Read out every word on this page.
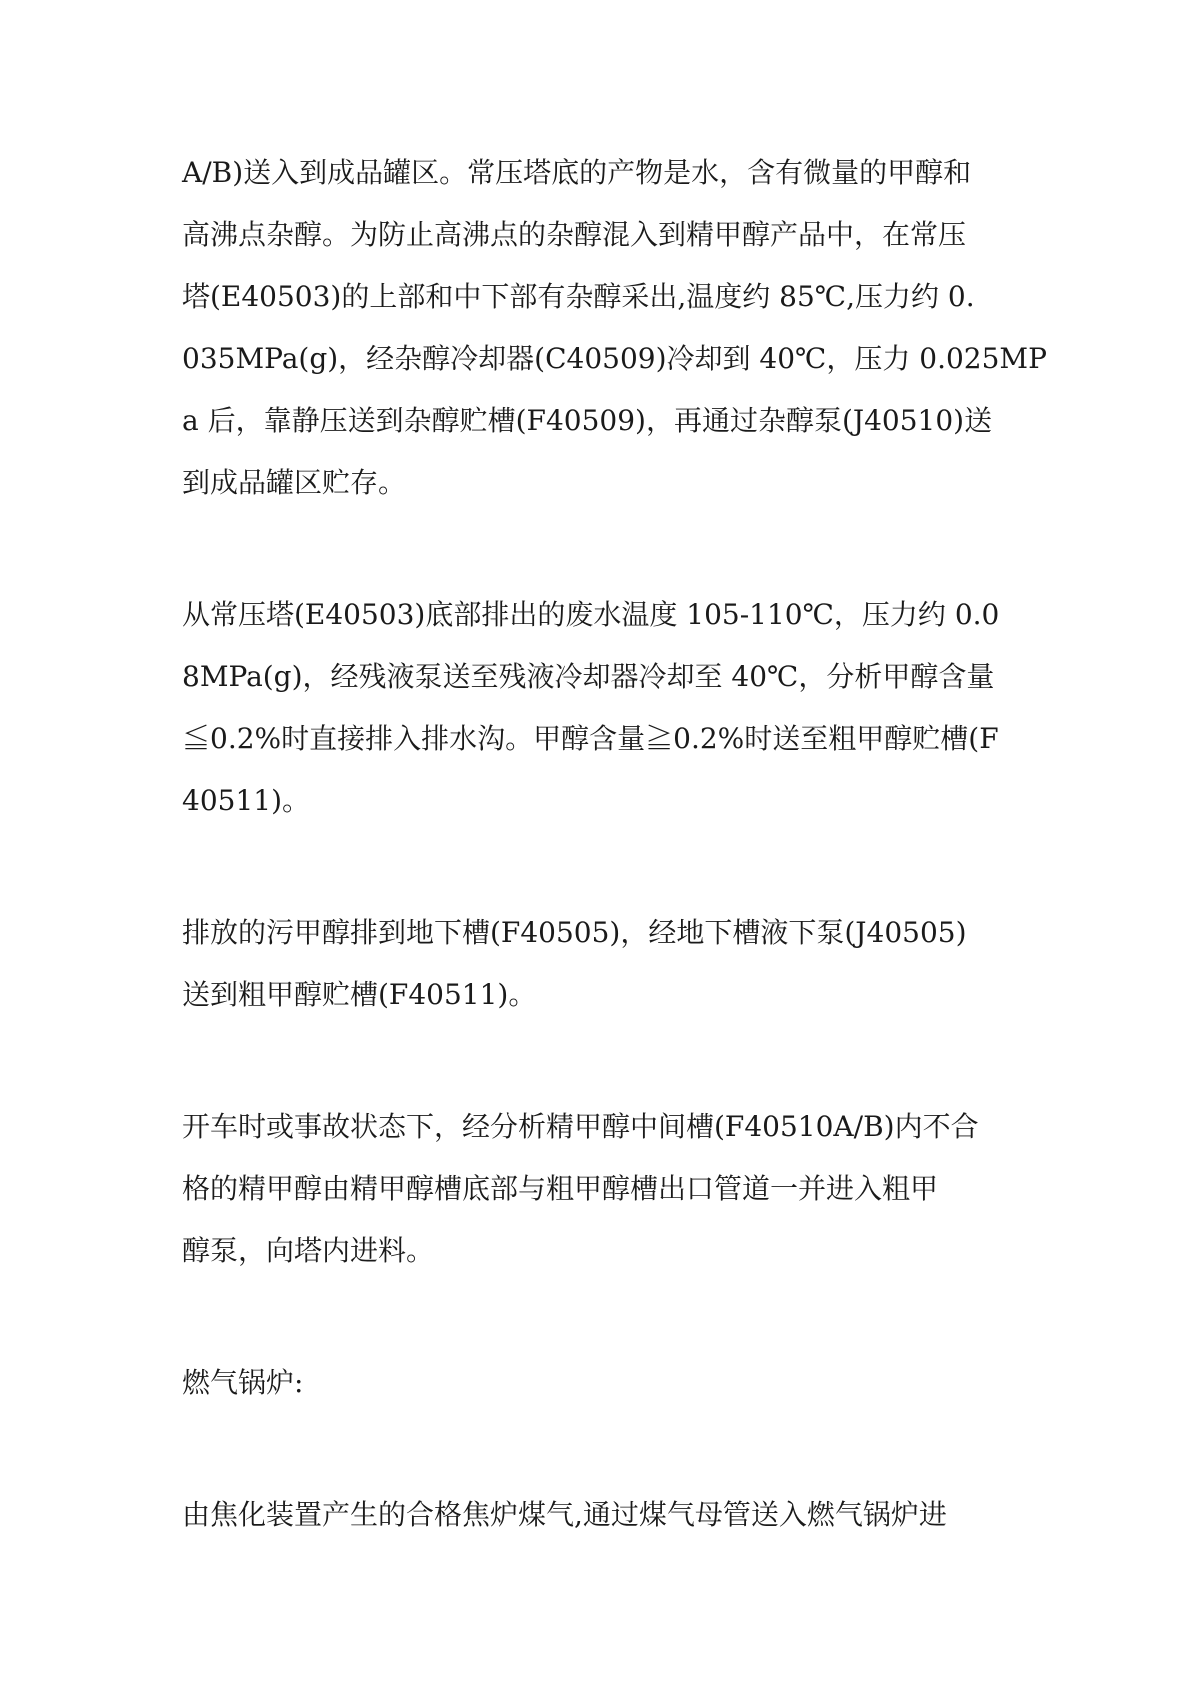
A/B)送入到成品罐区。常压塔底的产物是水，含有微量的甲醇和

高沸点杂醇。为防止高沸点的杂醇混入到精甲醇产品中，在常压

塔(E40503)的上部和中下部有杂醇采出,温度约 85℃,压力约 0.

035MPa(g)，经杂醇冷却器(C40509)冷却到 40℃，压力 0.025MP

a 后，靠静压送到杂醇贮槽(F40509)，再通过杂醇泵(J40510)送

到成品罐区贮存。

从常压塔(E40503)底部排出的废水温度 105-110℃，压力约 0.0

8MPa(g)，经残液泵送至残液冷却器冷却至 40℃，分析甲醇含量

≦0.2%时直接排入排水沟。甲醇含量≧0.2%时送至粗甲醇贮槽(F

40511)。

排放的污甲醇排到地下槽(F40505)，经地下槽液下泵(J40505)

送到粗甲醇贮槽(F40511)。

开车时或事故状态下，经分析精甲醇中间槽(F40510A/B)内不合

格的精甲醇由精甲醇槽底部与粗甲醇槽出口管道一并进入粗甲

醇泵，向塔内进料。

燃气锅炉:

由焦化装置产生的合格焦炉煤气,通过煤气母管送入燃气锅炉进
